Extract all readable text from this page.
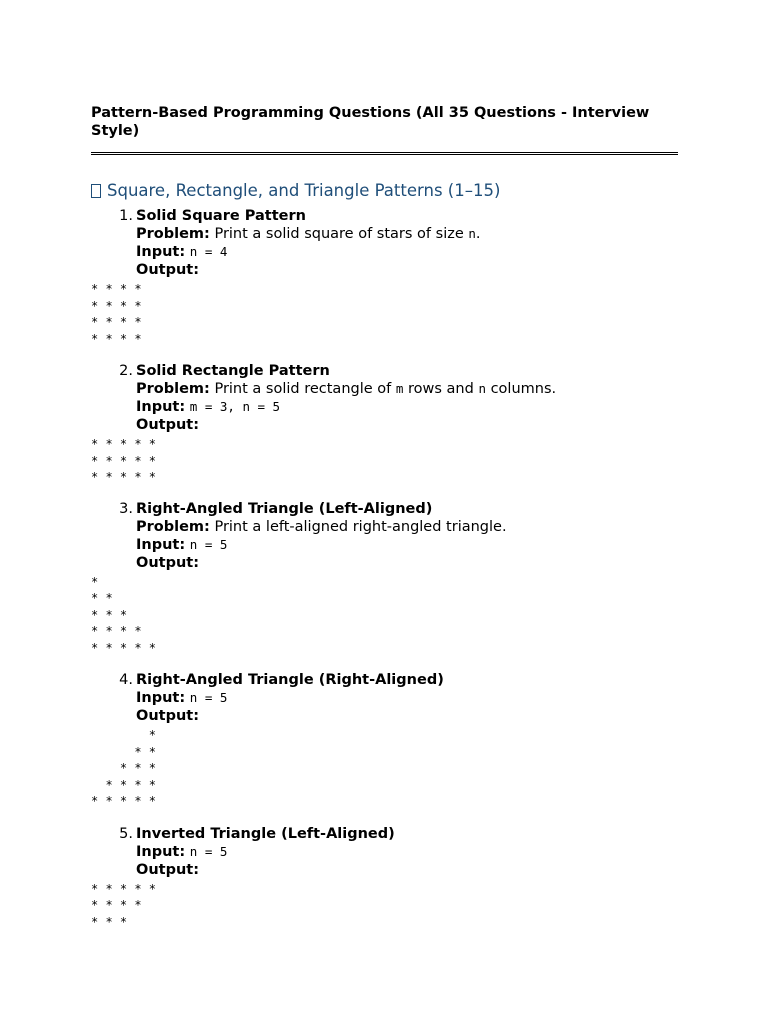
Pattern-Based Programming Questions (All 35 Questions - Interview Style)
Square, Rectangle, and Triangle Patterns (1–15)
1. Solid Square Pattern
Problem: Print a solid square of stars of size n.
Input: n = 4
Output:
* * * *
* * * *
* * * *
* * * *
2. Solid Rectangle Pattern
Problem: Print a solid rectangle of m rows and n columns.
Input: m = 3, n = 5
Output:
* * * * *
* * * * *
* * * * *
3. Right-Angled Triangle (Left-Aligned)
Problem: Print a left-aligned right-angled triangle.
Input: n = 5
Output:
*
* *
* * *
* * * *
* * * * *
4. Right-Angled Triangle (Right-Aligned)
Input: n = 5
Output:
*
* *
* * *
* * * *
* * * * *
5. Inverted Triangle (Left-Aligned)
Input: n = 5
Output:
* * * * *
* * * *
* * *
